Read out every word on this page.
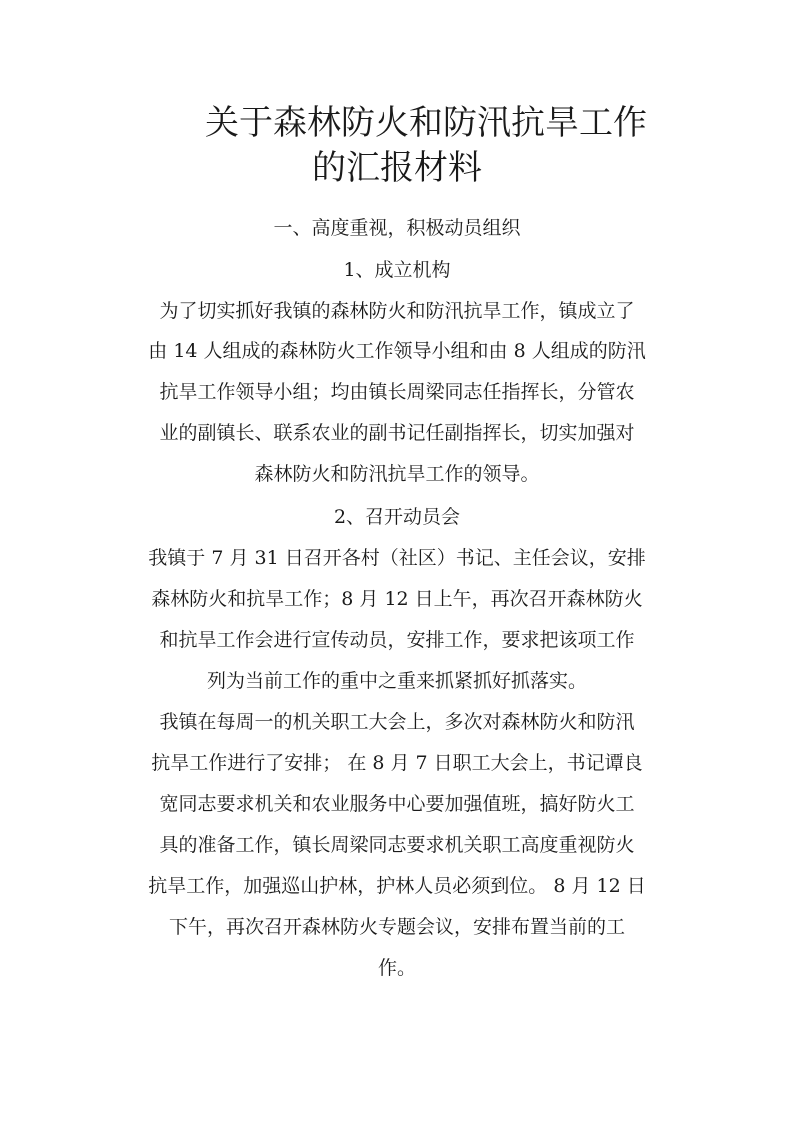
关于森林防火和防汛抗旱工作
的汇报材料
一、高度重视，积极动员组织
1、成立机构
为了切实抓好我镇的森林防火和防汛抗旱工作，镇成立了
由 14 人组成的森林防火工作领导小组和由 8 人组成的防汛
抗旱工作领导小组；均由镇长周梁同志任指挥长，分管农
业的副镇长、联系农业的副书记任副指挥长，切实加强对
森林防火和防汛抗旱工作的领导。
2、召开动员会
我镇于 7 月 31 日召开各村（社区）书记、主任会议，安排
森林防火和抗旱工作；8 月 12 日上午，再次召开森林防火
和抗旱工作会进行宣传动员，安排工作，要求把该项工作
列为当前工作的重中之重来抓紧抓好抓落实。
我镇在每周一的机关职工大会上，多次对森林防火和防汛
抗旱工作进行了安排； 在 8 月 7 日职工大会上，书记谭良
宽同志要求机关和农业服务中心要加强值班，搞好防火工
具的准备工作，镇长周梁同志要求机关职工高度重视防火
抗旱工作，加强巡山护林，护林人员必须到位。 8 月 12 日
下午，再次召开森林防火专题会议，安排布置当前的工
作。
